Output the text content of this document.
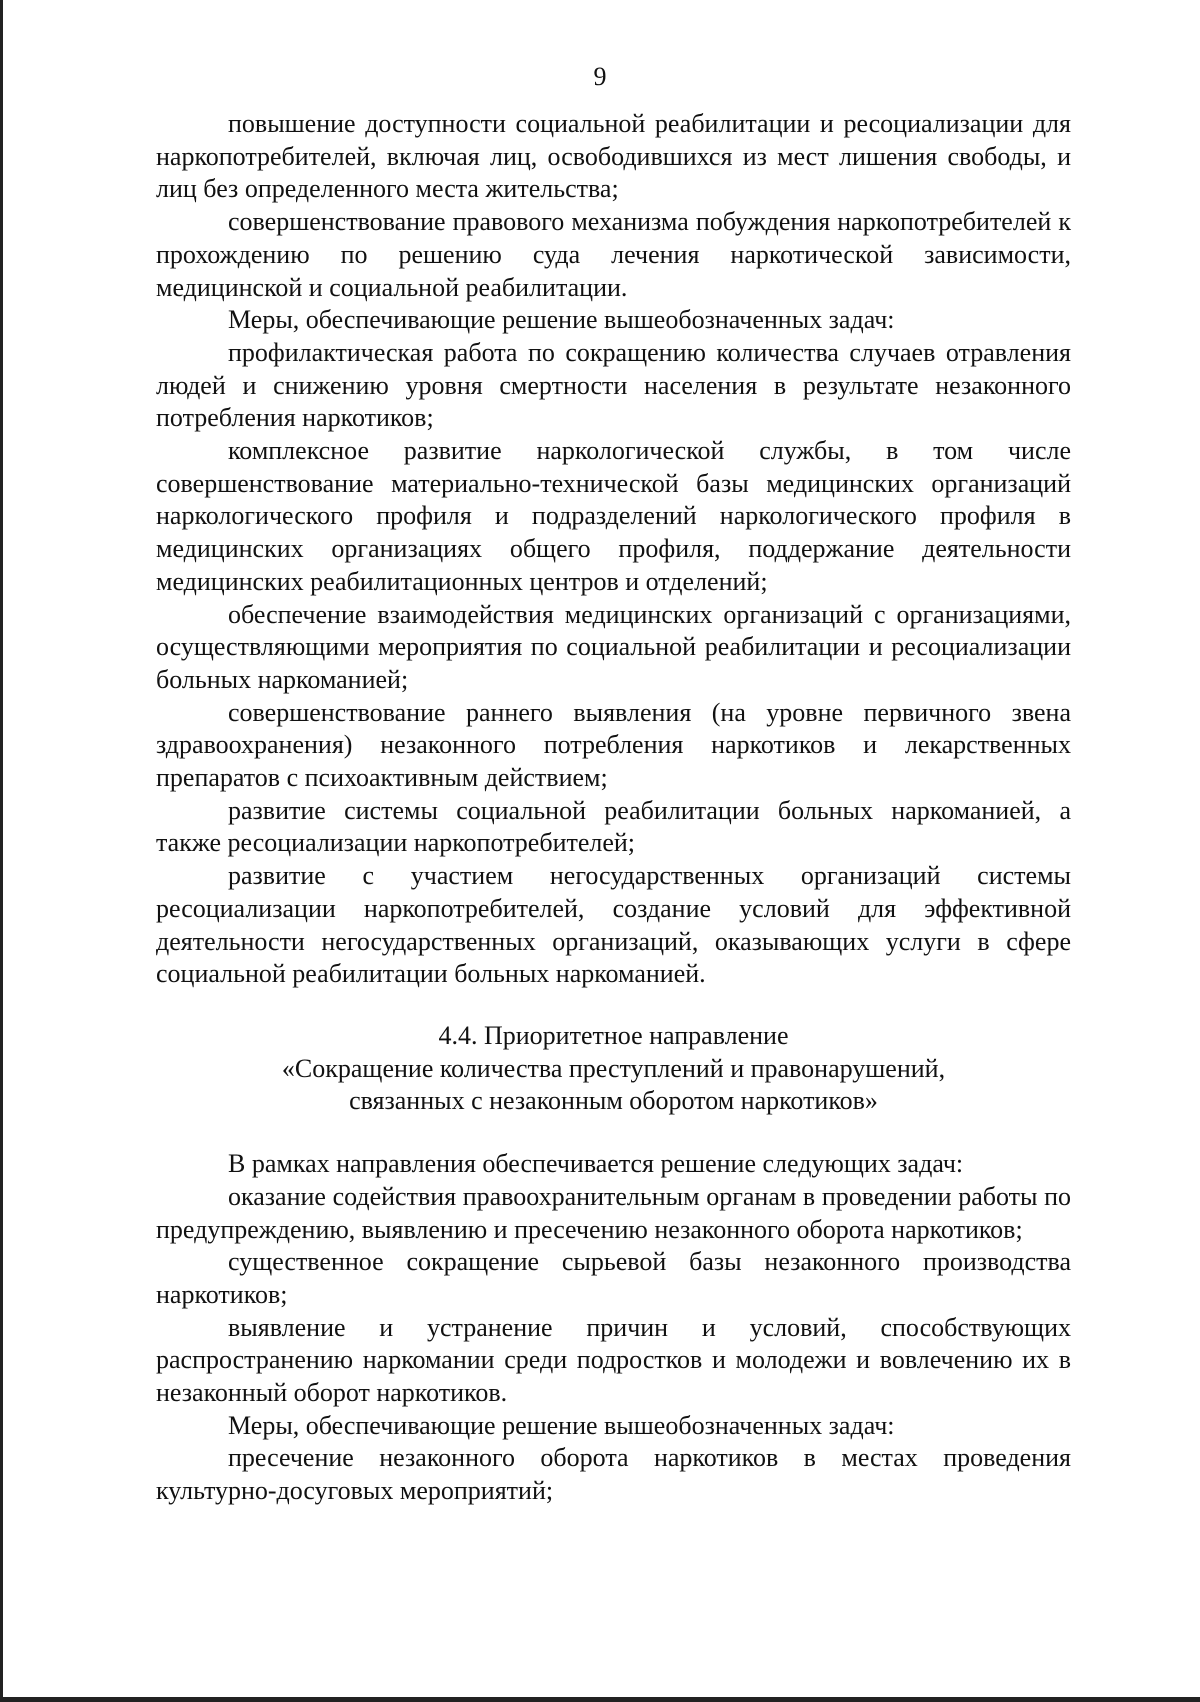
9

повышение доступности социальной реабилитации и ресоциализации для наркопотребителей, включая лиц, освободившихся из мест лишения свободы, и лиц без определенного места жительства;

совершенствование правового механизма побуждения наркопотребителей к прохождению по решению суда лечения наркотической зависимости, медицинской и социальной реабилитации.

Меры, обеспечивающие решение вышеобозначенных задач:

профилактическая работа по сокращению количества случаев отравления людей и снижению уровня смертности населения в результате незаконного потребления наркотиков;

комплексное развитие наркологической службы, в том числе совершенствование материально-технической базы медицинских организаций наркологического профиля и подразделений наркологического профиля в медицинских организациях общего профиля, поддержание деятельности медицинских реабилитационных центров и отделений;

обеспечение взаимодействия медицинских организаций с организациями, осуществляющими мероприятия по социальной реабилитации и ресоциализации больных наркоманией;

совершенствование раннего выявления (на уровне первичного звена здравоохранения) незаконного потребления наркотиков и лекарственных препаратов с психоактивным действием;

развитие системы социальной реабилитации больных наркоманией, а также ресоциализации наркопотребителей;

развитие с участием негосударственных организаций системы ресоциализации наркопотребителей, создание условий для эффективной деятельности негосударственных организаций, оказывающих услуги в сфере социальной реабилитации больных наркоманией.

4.4. Приоритетное направление
«Сокращение количества преступлений и правонарушений,
связанных с незаконным оборотом наркотиков»

В рамках направления обеспечивается решение следующих задач:

оказание содействия правоохранительным органам в проведении работы по предупреждению, выявлению и пресечению незаконного оборота наркотиков;

существенное сокращение сырьевой базы незаконного производства наркотиков;

выявление и устранение причин и условий, способствующих распространению наркомании среди подростков и молодежи и вовлечению их в незаконный оборот наркотиков.

Меры, обеспечивающие решение вышеобозначенных задач:

пресечение незаконного оборота наркотиков в местах проведения культурно-досуговых мероприятий;
